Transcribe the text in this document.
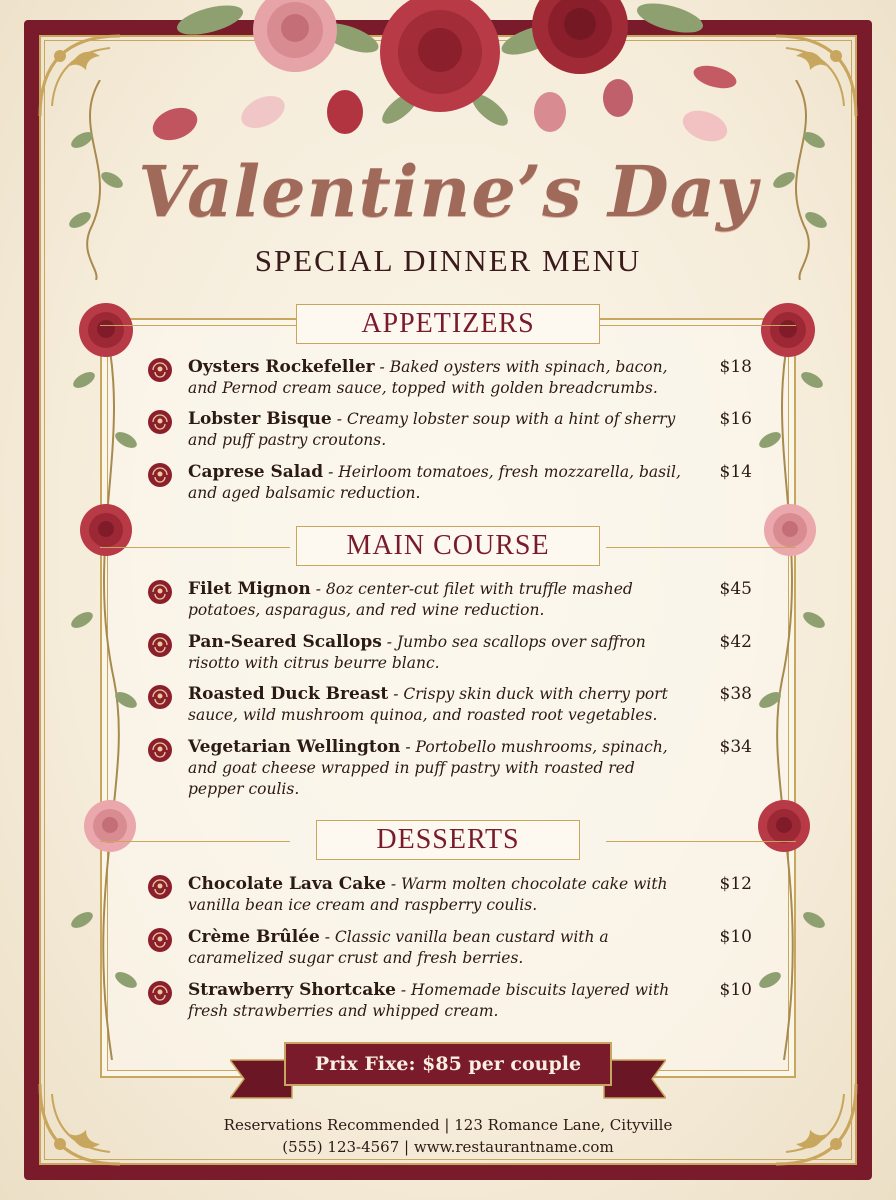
Valentine’s Day
SPECIAL DINNER MENU
APPETIZERS
MAIN COURSE
DESSERTS
Oysters Rockefeller - Baked oysters with spinach, bacon, and Pernod cream sauce, topped with golden breadcrumbs.
$18
Lobster Bisque - Creamy lobster soup with a hint of sherry and puff pastry croutons.
$16
Caprese Salad - Heirloom tomatoes, fresh mozzarella, basil, and aged balsamic reduction.
$14
Filet Mignon - 8oz center-cut filet with truffle mashed potatoes, asparagus, and red wine reduction.
$45
Pan-Seared Scallops - Jumbo sea scallops over saffron risotto with citrus beurre blanc.
$42
Roasted Duck Breast - Crispy skin duck with cherry port sauce, wild mushroom quinoa, and roasted root vegetables.
$38
Vegetarian Wellington - Portobello mushrooms, spinach, and goat cheese wrapped in puff pastry with roasted red pepper coulis.
$34
Chocolate Lava Cake - Warm molten chocolate cake with vanilla bean ice cream and raspberry coulis.
$12
Crème Brûlée - Classic vanilla bean custard with a caramelized sugar crust and fresh berries.
$10
Strawberry Shortcake - Homemade biscuits layered with fresh strawberries and whipped cream.
$10
Prix Fixe: $85 per couple
Reservations Recommended | 123 Romance Lane, Cityville
(555) 123-4567 | www.restaurantname.com
